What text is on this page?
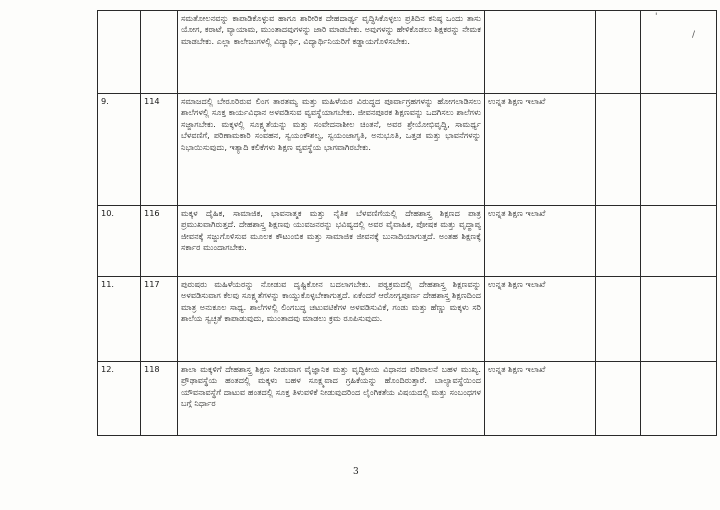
'
/
		ಸಮತೋಲನವನ್ನು ಕಾಪಾಡಿಕೊಳ್ಳುವ ಹಾಗೂ ಶಾರೀರಿಕ ದೇಹದಾರ್ಢ್ಯ ವೃದ್ಧಿಸಿಕೊಳ್ಳಲು ಪ್ರತಿದಿನ ಕನಿಷ್ಠ ಒಂದು ತಾಸು ಯೋಗ, ಕರಾಟೆ, ವ್ಯಾಯಾಮ, ಮುಂತಾದವುಗಳನ್ನು ಜಾರಿ ಮಾಡಬೇಕು. ಅವುಗಳನ್ನು ಹೇಳಿಕೊಡಲು ಶಿಕ್ಷಕರನ್ನು ನೇಮಕ ಮಾಡಬೇಕು. ಎಲ್ಲಾ ಕಾಲೇಜುಗಳಲ್ಲಿ ವಿದ್ಯಾರ್ಥಿ, ವಿದ್ಯಾರ್ಥಿನಿಯರಿಗೆ ಕಡ್ಡಾಯಗೊಳಿಸಬೇಕು.			
9.	114	ಸಮಾಜದಲ್ಲಿ ಬೇರೂರಿರುವ ಲಿಂಗ ತಾರತಮ್ಯ ಮತ್ತು ಮಹಿಳೆಯರ ವಿರುದ್ಧದ ಪೂರ್ವಾಗ್ರಹಗಳನ್ನು ಹೋಗಲಾಡಿಸಲು ಶಾಲೆಗಳಲ್ಲಿ ಸೂಕ್ತ ಕಾರ್ಯವಿಧಾನ ಅಳವಡಿಸುವ ವ್ಯವಸ್ಥೆಯಾಗಬೇಕು. ಜೀವನಪೂರಕ ಶಿಕ್ಷಣವನ್ನು ಒದಗಿಸಲು ಶಾಲೆಗಳು ಸಜ್ಜಾಗಬೇಕು. ಮಕ್ಕಳಲ್ಲಿ ಸೂಕ್ಷ್ಮತೆಯನ್ನು ಮತ್ತು ಸಂವೇದನಾಶೀಲ ಚಿಂತನೆ, ಅವರ ಶ್ರೇಯೋಭಿವೃದ್ಧಿ, ಸಾಮರ್ಥ್ಯ ಬೆಳವಣಿಗೆ, ಪರಿಣಾಮಕಾರಿ ಸಂವಹನ, ಸ್ವಯಂಕೌಶಲ್ಯ, ಸ್ವಯಂಜಾಗೃತಿ, ಅನುಭೂತಿ, ಒತ್ತಡ ಮತ್ತು ಭಾವನೆಗಳನ್ನು ನಿಭಾಯಿಸುವುದು, ಇತ್ಯಾದಿ ಕಲಿಕೆಗಳು ಶಿಕ್ಷಣ ವ್ಯವಸ್ಥೆಯ ಭಾಗವಾಗಿರಬೇಕು.	ಉನ್ನತ ಶಿಕ್ಷಣ ಇಲಾಖೆ		
10.	116	ಮಕ್ಕಳ ದೈಹಿಕ, ಸಾಮಾಜಿಕ, ಭಾವನಾತ್ಮಕ ಮತ್ತು ನೈತಿಕ ಬೆಳವಣಿಗೆಯಲ್ಲಿ ದೇಹಶಾಸ್ತ್ರ ಶಿಕ್ಷಣದ ಪಾತ್ರ ಪ್ರಮುಖವಾಗಿರುತ್ತದೆ. ದೇಹಶಾಸ್ತ್ರ ಶಿಕ್ಷಣವು ಯುವಜನರನ್ನು ಭವಿಷ್ಯದಲ್ಲಿ ಅವರ ವೈವಾಹಿಕ, ಪೋಷಕ ಮತ್ತು ವೃದ್ಧಾಪ್ಯ ಜೀವನಕ್ಕೆ ಸಜ್ಜುಗೊಳಿಸುವ ಮೂಲಕ ಕೌಟುಂಬಿಕ ಮತ್ತು ಸಾಮಾಜಿಕ ಜೀವನಕ್ಕೆ ಬುನಾದಿಯಾಗುತ್ತದೆ. ಅಂತಹ ಶಿಕ್ಷಣಕ್ಕೆ ಸರ್ಕಾರ ಮುಂದಾಗಬೇಕು.	ಉನ್ನತ ಶಿಕ್ಷಣ ಇಲಾಖೆ		
11.	117	ಪುರುಷರು ಮಹಿಳೆಯರನ್ನು ನೋಡುವ ದೃಷ್ಟಿಕೋನ ಬದಲಾಗಬೇಕು. ಪಠ್ಯಕ್ರಮದಲ್ಲಿ ದೇಹಶಾಸ್ತ್ರ ಶಿಕ್ಷಣವನ್ನು ಅಳವಡಿಸುವಾಗ ಕೆಲವು ಸೂಕ್ಷ್ಮತೆಗಳನ್ನು ಕಾಯ್ದುಕೊಳ್ಳಬೇಕಾಗುತ್ತದೆ. ಏಕೆಂದರೆ ಆರೋಗ್ಯಪೂರ್ಣ ದೇಹಶಾಸ್ತ್ರ ಶಿಕ್ಷಣದಿಂದ ಮಾತ್ರ ಅನುಕೂಲ ಸಾಧ್ಯ. ಶಾಲೆಗಳಲ್ಲಿ ಲಿಂಗಬದ್ಧ ಚಟುವಟಿಕೆಗಳ ಅಳವಡಿಸುವಿಕೆ, ಗಂಡು ಮತ್ತು ಹೆಣ್ಣು ಮಕ್ಕಳು ಸರಿ ಶಾಲೆಯ ಸ್ವಚ್ಛತೆ ಕಾಪಾಡುವುದು, ಮುಂತಾದವು ಮಾಡಲು ಕ್ರಮ ರೂಪಿಸುವುದು.	ಉನ್ನತ ಶಿಕ್ಷಣ ಇಲಾಖೆ		
12.	118	ಶಾಲಾ ಮಕ್ಕಳಿಗೆ ದೇಹಶಾಸ್ತ್ರ ಶಿಕ್ಷಣ ನೀಡುವಾಗ ವೈಜ್ಞಾನಿಕ ಮತ್ತು ವೃದ್ಧಿಕೀಯ ವಿಧಾನದ ಪರಿಪಾಲನೆ ಬಹಳ ಮುಖ್ಯ. ಪ್ರೌಢಾವಸ್ಥೆಯ ಹಂತದಲ್ಲಿ ಮಕ್ಕಳು ಬಹಳ ಸೂಕ್ಷ್ಮವಾದ ಗ್ರಹಿಕೆಯನ್ನು ಹೊಂದಿರುತ್ತಾರೆ. ಬಾಲ್ಯಾವಸ್ಥೆಯಿಂದ ಯೌವನಾವಸ್ಥೆಗೆ ದಾಟುವ ಹಂತದಲ್ಲಿ ಸೂಕ್ತ ತಿಳುವಳಿಕೆ ನೀಡುವುದರಿಂದ ಲೈಂಗಿಕತೆಯ ವಿಷಯದಲ್ಲಿ ಮತ್ತು ಸಂಬಂಧಗಳ ಬಗ್ಗೆ ನಿರ್ಧಾರ	ಉನ್ನತ ಶಿಕ್ಷಣ ಇಲಾಖೆ		
3
